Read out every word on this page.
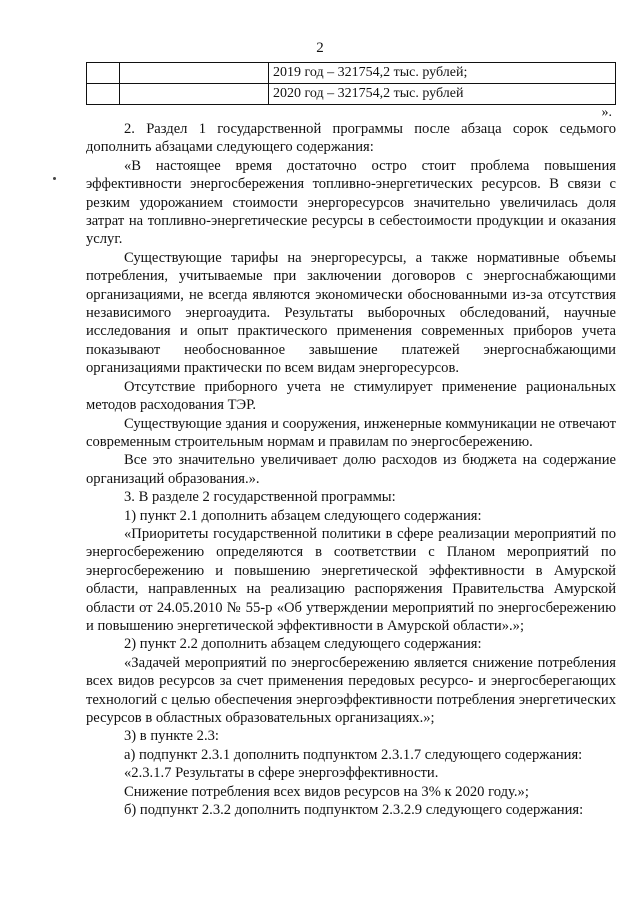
2
		2019 год – 321754,2 тыс. рублей;
		2020 год – 321754,2 тыс. рублей
».

2. Раздел 1 государственной программы после абзаца сорок седьмого дополнить абзацами следующего содержания:

«В настоящее время достаточно остро стоит проблема повышения эффективности энергосбережения топливно-энергетических ресурсов. В связи с резким удорожанием стоимости энергоресурсов значительно увеличилась доля затрат на топливно-энергетические ресурсы в себестоимости продукции и оказания услуг.

Существующие тарифы на энергоресурсы, а также нормативные объемы потребления, учитываемые при заключении договоров с энергоснабжающими организациями, не всегда являются экономически обоснованными из-за отсутствия независимого энергоаудита. Результаты выборочных обследований, научные исследования и опыт практического применения современных приборов учета показывают необоснованное завышение платежей энергоснабжающими организациями практически по всем видам энергоресурсов.

Отсутствие приборного учета не стимулирует применение рациональных методов расходования ТЭР.

Существующие здания и сооружения, инженерные коммуникации не отвечают современным строительным нормам и правилам по энергосбережению.

Все это значительно увеличивает долю расходов из бюджета на содержание организаций образования.».

3. В разделе 2 государственной программы:

1) пункт 2.1 дополнить абзацем следующего содержания:

«Приоритеты государственной политики в сфере реализации мероприятий по энергосбережению определяются в соответствии с Планом мероприятий по энергосбережению и повышению энергетической эффективности в Амурской области, направленных на реализацию распоряжения Правительства Амурской области от 24.05.2010 № 55-р «Об утверждении мероприятий по энергосбережению и повышению энергетической эффективности в Амурской области».»;

2) пункт 2.2 дополнить абзацем следующего содержания:

«Задачей мероприятий по энергосбережению является снижение потребления всех видов ресурсов за счет применения передовых ресурсо- и энергосберегающих технологий с целью обеспечения энергоэффективности потребления энергетических ресурсов в областных образовательных организациях.»;

3) в пункте 2.3:

а) подпункт 2.3.1 дополнить подпунктом 2.3.1.7 следующего содержания:

«2.3.1.7 Результаты в сфере энергоэффективности.

Снижение потребления всех видов ресурсов на 3% к 2020 году.»;

б) подпункт 2.3.2 дополнить подпунктом 2.3.2.9 следующего содержания:
